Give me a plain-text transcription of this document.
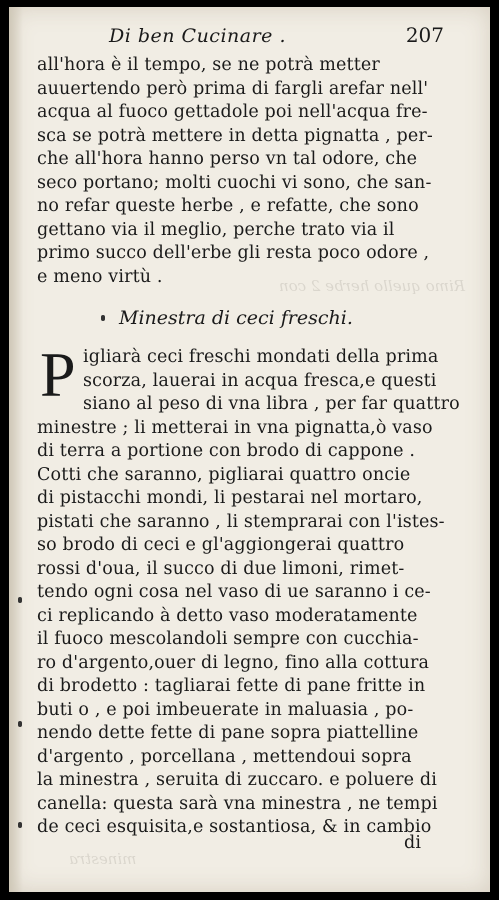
Rimo quello herbe 2 con
minestra
Di ben Cucinare .	207
all'hora è il tempo, se ne potrà metter
auuertendo però prima di fargli arefar nell'
acqua al fuoco gettadole poi nell'acqua fre-
sca se potrà mettere in detta pignatta , per-
che all'hora hanno perso vn tal odore, che
seco portano; molti cuochi vi sono, che san-
no refar queste herbe , e refatte, che sono
gettano via il meglio, perche trato via il
primo succo dell'erbe gli resta poco odore ,
e meno virtù .
Minestra di ceci freschi.
P igliarà ceci freschi mondati della prima
scorza, lauerai in acqua fresca,e questi
siano al peso di vna libra , per far quattro
minestre ; li metterai in vna pignatta,ò vaso
di terra a portione con brodo di cappone .
Cotti che saranno, pigliarai quattro oncie
di pistacchi mondi, li pestarai nel mortaro,
pistati che saranno , li stemprarai con l'istes-
so brodo di ceci e gl'aggiongerai quattro
rossi d'oua, il succo di due limoni, rimet-
tendo ogni cosa nel vaso di ue saranno i ce-
ci replicando à detto vaso moderatamente
il fuoco mescolandoli sempre con cucchia-
ro d'argento,ouer di legno, fino alla cottura
di brodetto : tagliarai fette di pane fritte in
buti o , e poi imbeuerate in maluasia , po-
nendo dette fette di pane sopra piattelline
d'argento , porcellana , mettendoui sopra
la minestra , seruita di zuccaro. e poluere di
canella: questa sarà vna minestra , ne tempi
de ceci esquisita,e sostantiosa, & in cambio
di
